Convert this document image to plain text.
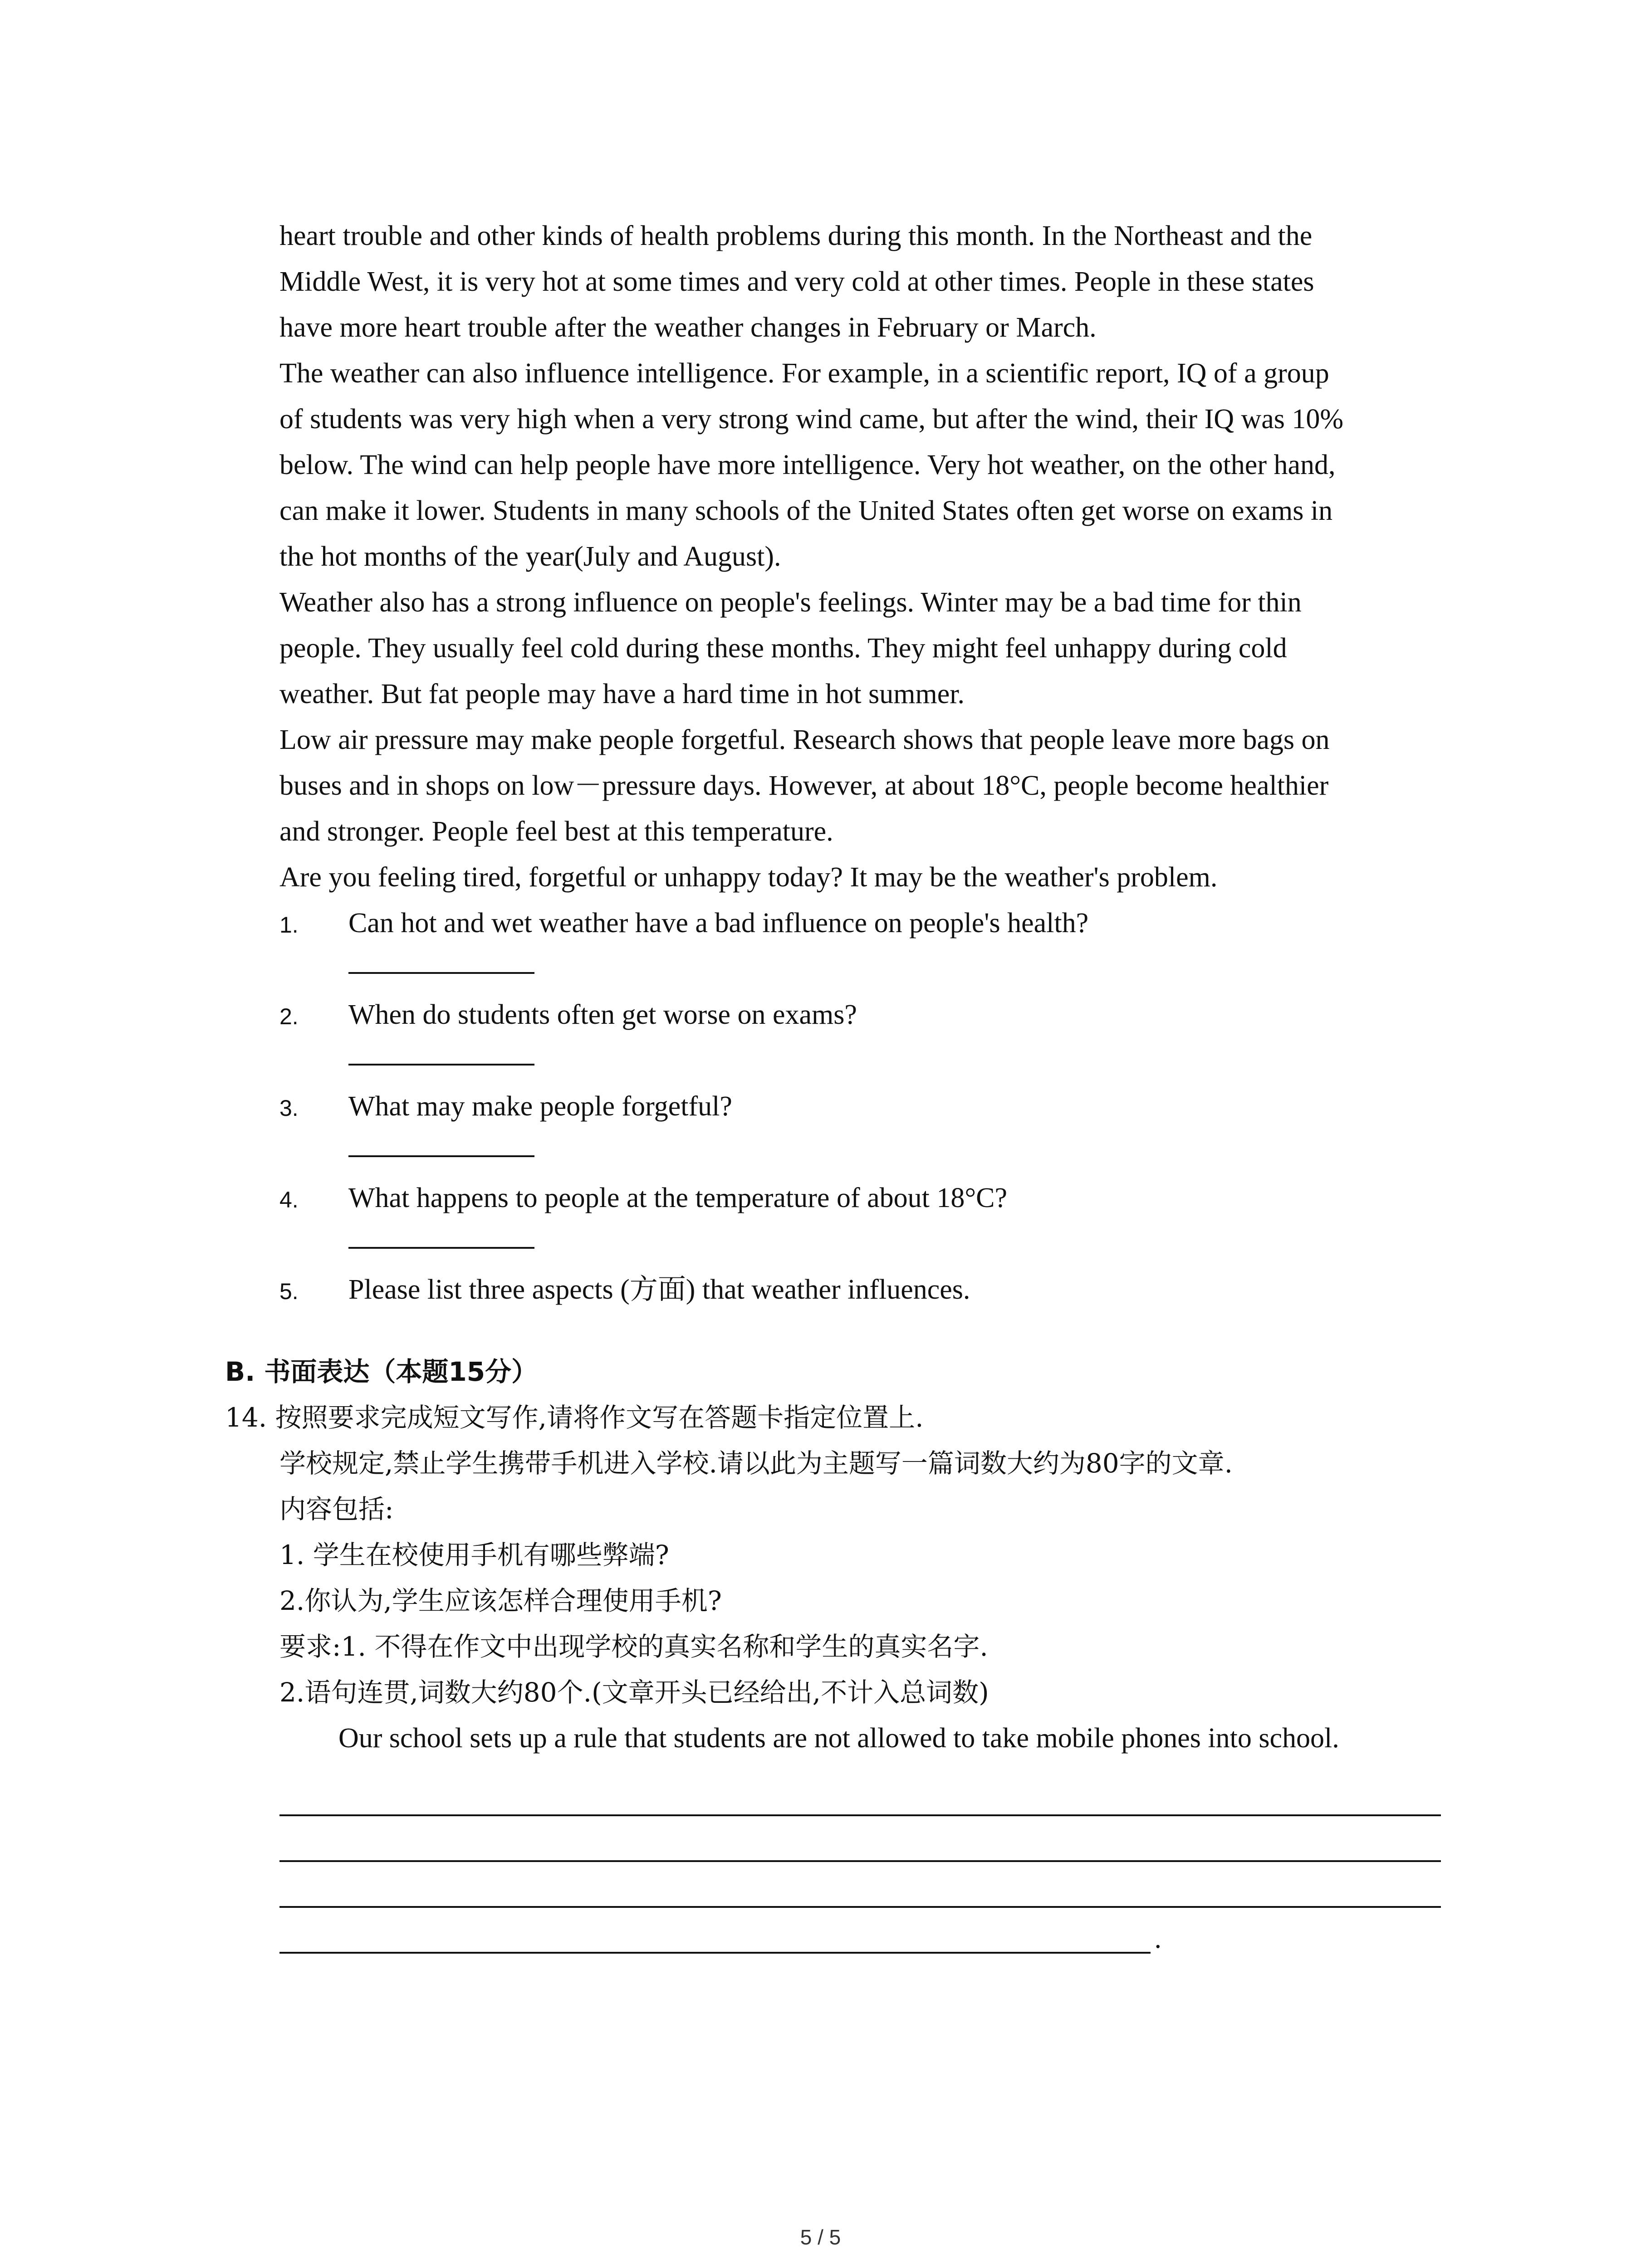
heart trouble and other kinds of health problems during this month. In the Northeast and the

Middle West, it is very hot at some times and very cold at other times. People in these states

have more heart trouble after the weather changes in February or March.

The weather can also influence intelligence. For example, in a scientific report, IQ of a group

of students was very high when a very strong wind came, but after the wind, their IQ was 10%

below. The wind can help people have more intelligence. Very hot weather, on the other hand,

can make it lower. Students in many schools of the United States often get worse on exams in

the hot months of the year(July and August).

Weather also has a strong influence on people's feelings. Winter may be a bad time for thin

people. They usually feel cold during these months. They might feel unhappy during cold

weather. But fat people may have a hard time in hot summer.

Low air pressure may make people forgetful. Research shows that people leave more bags on

buses and in shops on low－pressure days. However, at about 18°C, people become healthier

and stronger. People feel best at this temperature.

Are you feeling tired, forgetful or unhappy today? It may be the weather's problem.

1. Can hot and wet weather have a bad influence on people's health?
2. When do students often get worse on exams?
3. What may make people forgetful?
4. What happens to people at the temperature of about 18°C?
5. Please list three aspects (方面) that weather influences.
B. 书面表达（本题15分）
14. 按照要求完成短文写作,请将作文写在答题卡指定位置上.

学校规定,禁止学生携带手机进入学校.请以此为主题写一篇词数大约为80字的文章.

内容包括:

1. 学生在校使用手机有哪些弊端?

2.你认为,学生应该怎样合理使用手机?

要求:1. 不得在作文中出现学校的真实名称和学生的真实名字.

2.语句连贯,词数大约80个.(文章开头已经给出,不计入总词数)

Our school sets up a rule that students are not allowed to take mobile phones into school.

.
5 / 5
